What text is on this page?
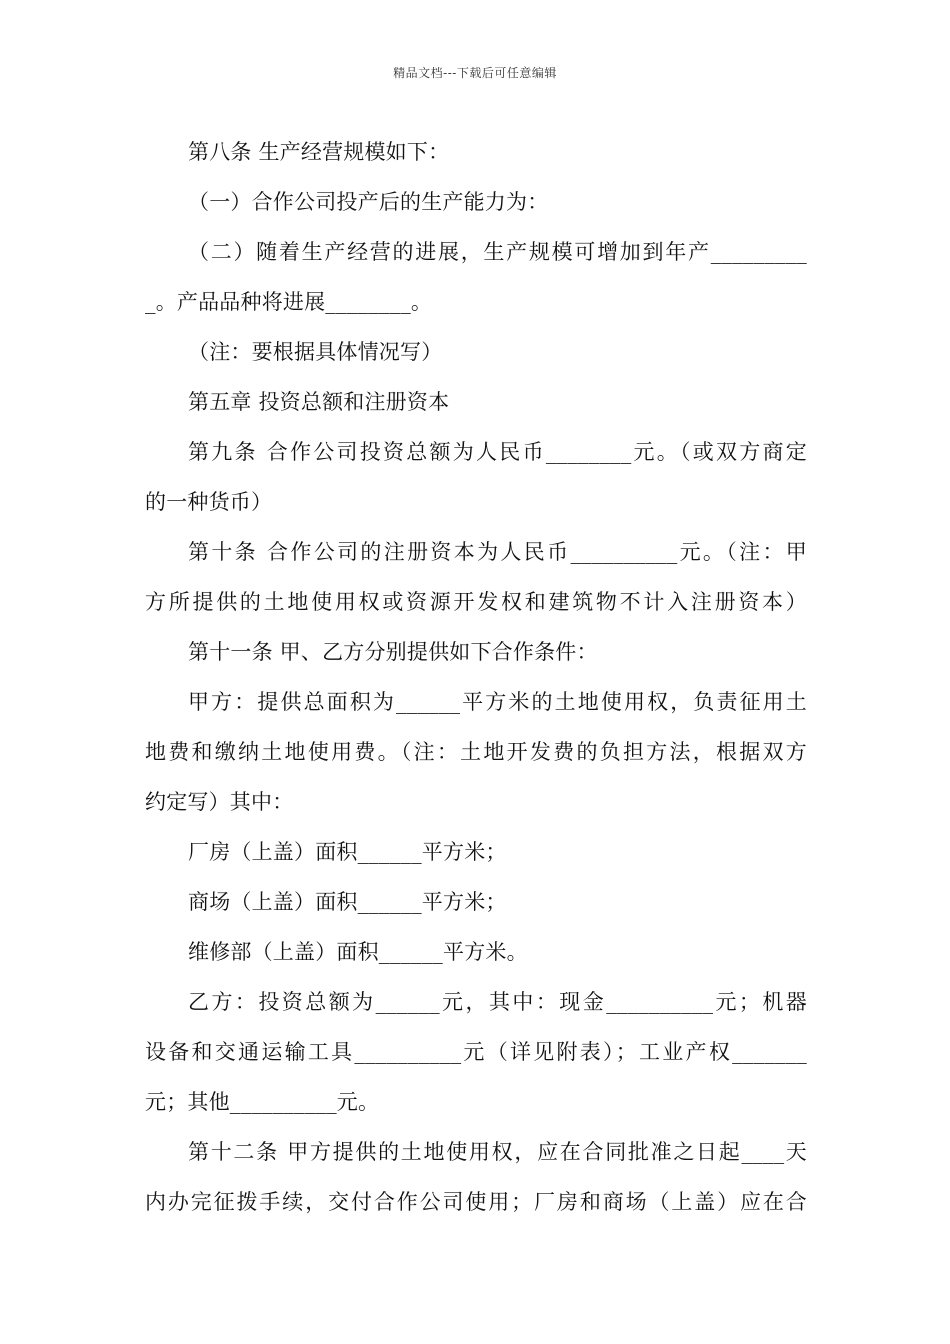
精品文档---下载后可任意编辑
第八条 生产经营规模如下：
（一）合作公司投产后的生产能力为：
（二）随着生产经营的进展，生产规模可增加到年产_________
_。产品品种将进展________。
（注：要根据具体情况写）
第五章 投资总额和注册资本
第九条 合作公司投资总额为人民币________元。（或双方商定
的一种货币）
第十条 合作公司的注册资本为人民币__________元。（注：甲
方所提供的土地使用权或资源开发权和建筑物不计入注册资本）
第十一条 甲、乙方分别提供如下合作条件：
甲方：提供总面积为______平方米的土地使用权，负责征用土
地费和缴纳土地使用费。（注：土地开发费的负担方法，根据双方
约定写）其中：
厂房（上盖）面积______平方米；
商场（上盖）面积______平方米；
维修部（上盖）面积______平方米。
乙方：投资总额为______元，其中：现金__________元；机器
设备和交通运输工具__________元（详见附表）；工业产权_______
元；其他__________元。
第十二条 甲方提供的土地使用权，应在合同批准之日起____天
内办完征拨手续，交付合作公司使用；厂房和商场（上盖）应在合
